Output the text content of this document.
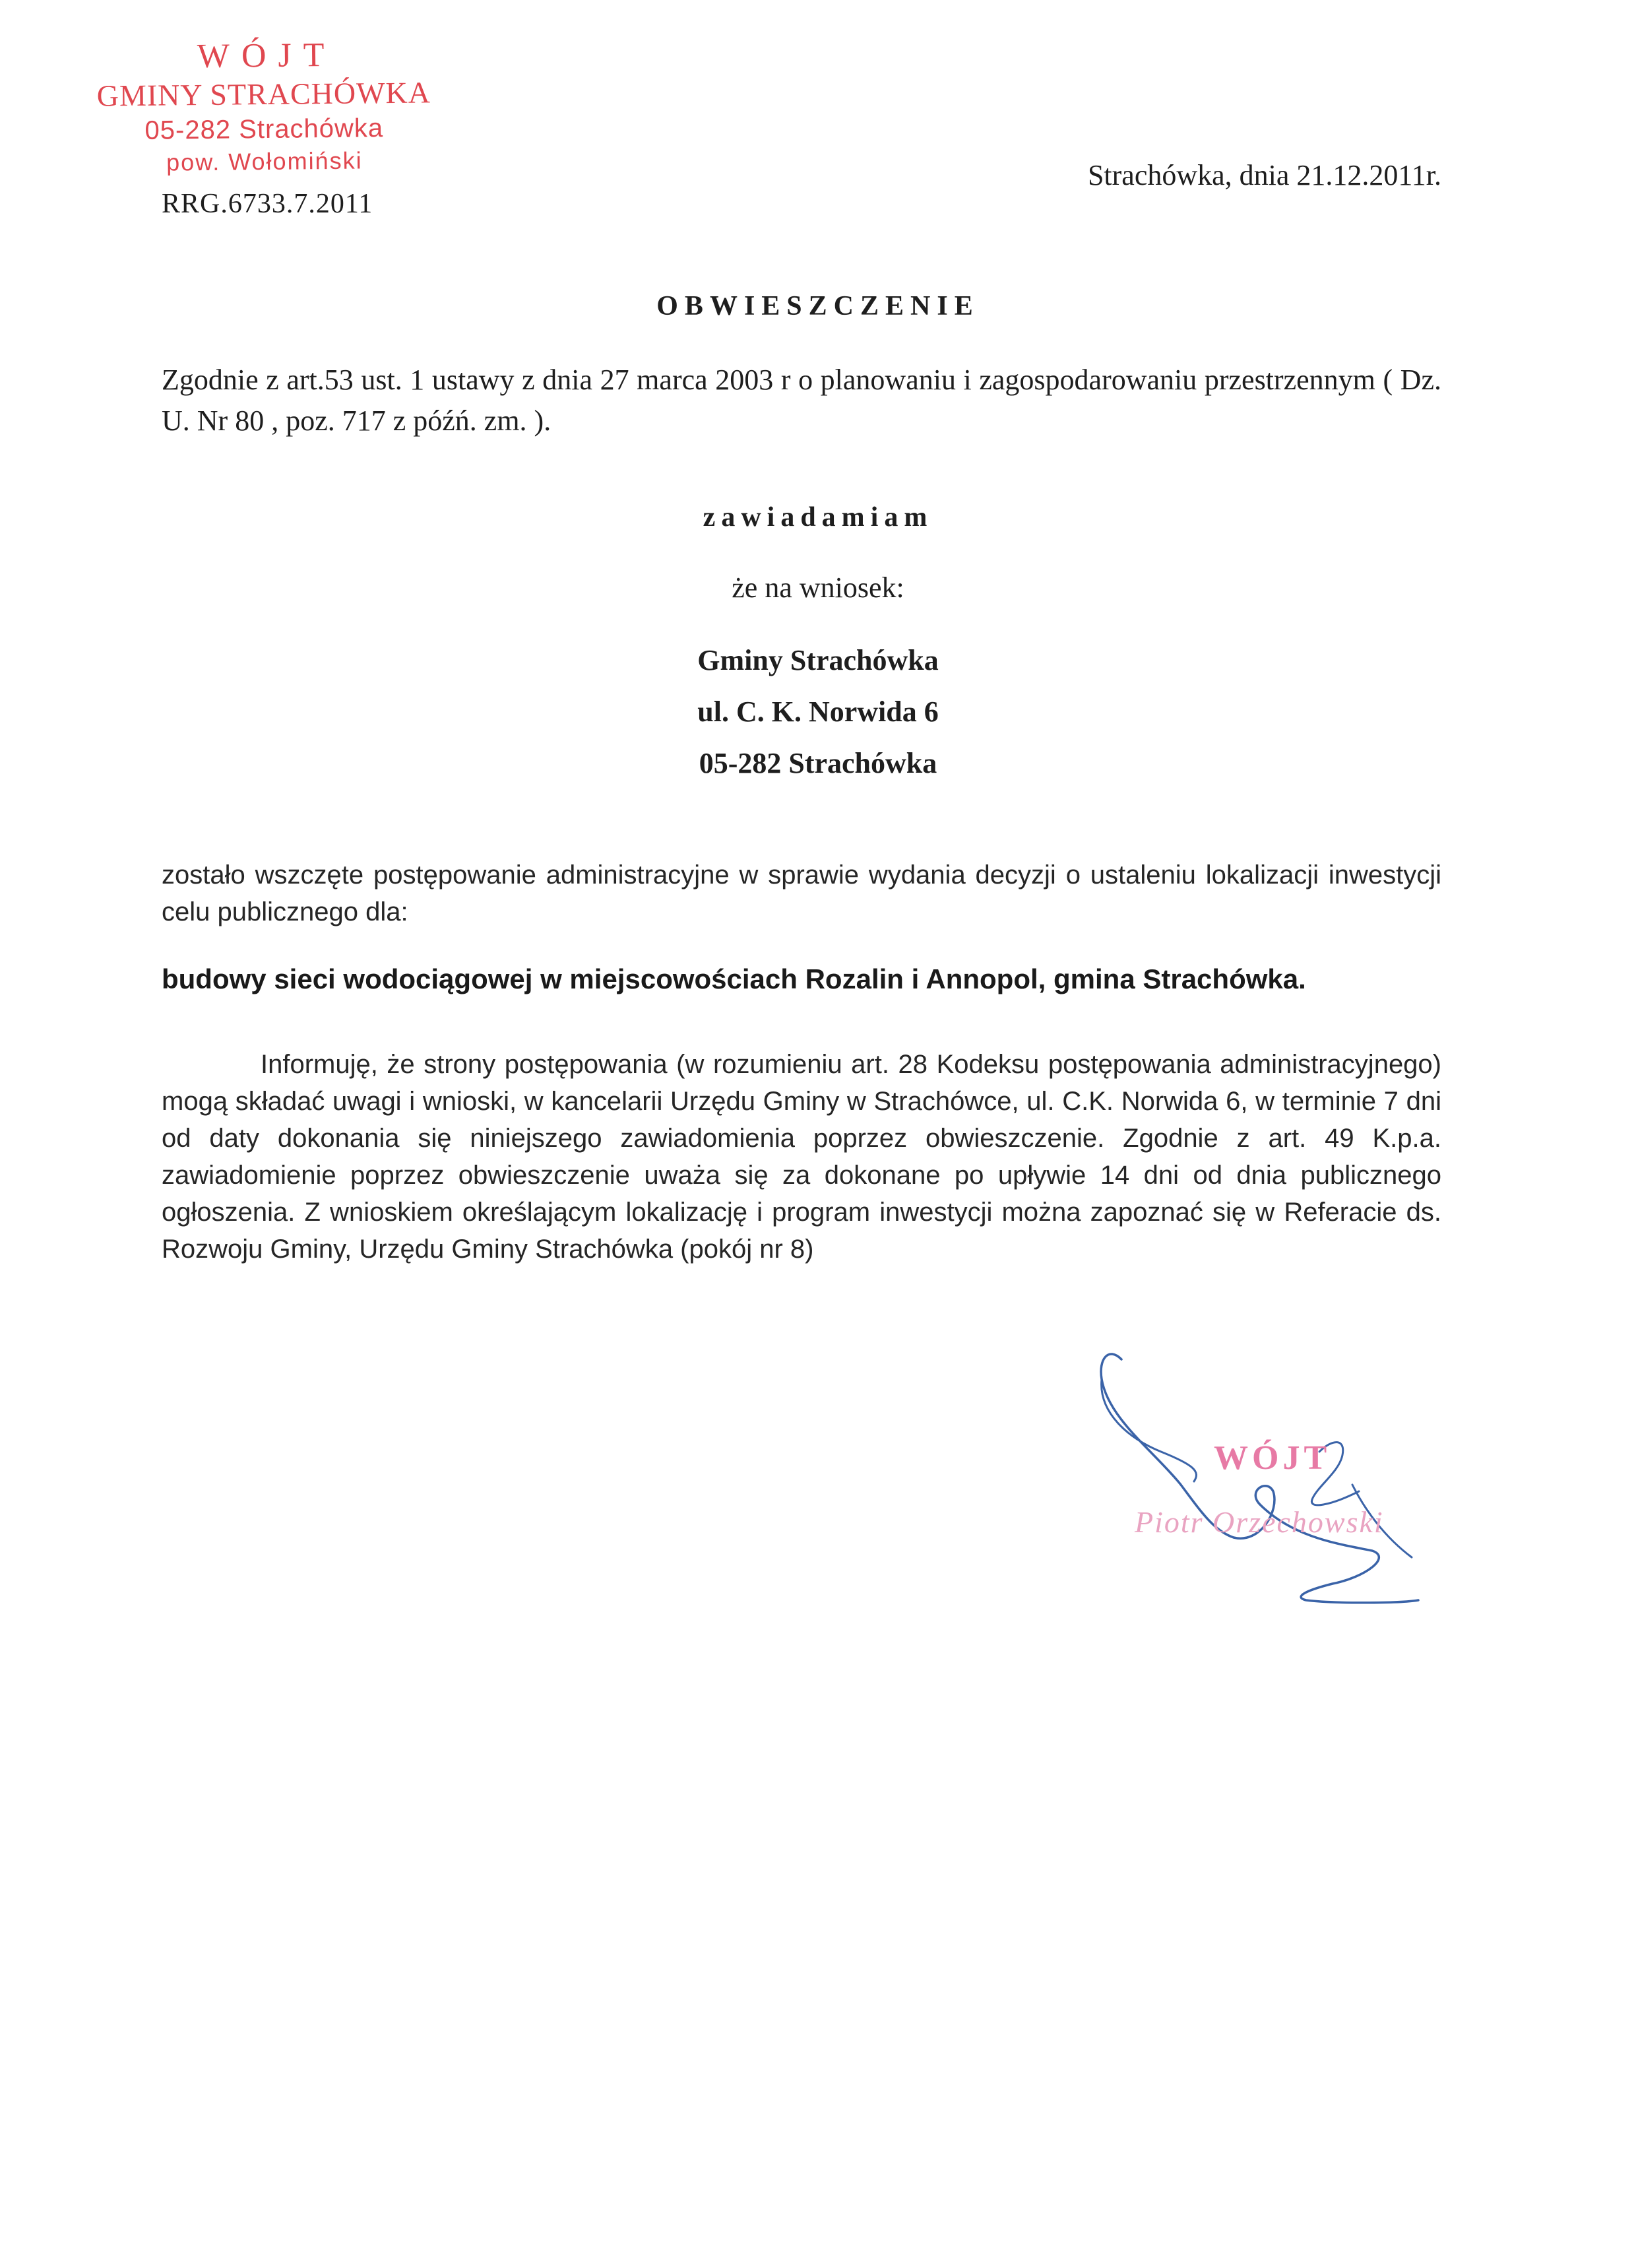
WÓJT
GMINY STRACHÓWKA
05-282 Strachówka
pow. Wołomiński	Strachówka, dnia 21.12.2011r.
RRG.6733.7.2011
OBWIESZCZENIE
Zgodnie z art.53 ust. 1 ustawy z dnia 27 marca 2003 r o planowaniu i zagospodarowaniu przestrzennym ( Dz. U. Nr 80 , poz. 717 z późń. zm. ).
zawiadamiam
że na wniosek:
Gminy Strachówka
ul. C. K. Norwida 6
05-282 Strachówka
zostało wszczęte postępowanie administracyjne w sprawie wydania decyzji o ustaleniu lokalizacji inwestycji celu publicznego dla:
budowy sieci wodociągowej w miejscowościach Rozalin i Annopol, gmina Strachówka.
Informuję, że strony postępowania (w rozumieniu art. 28 Kodeksu postępowania administracyjnego) mogą składać uwagi i wnioski, w kancelarii Urzędu Gminy w Strachówce, ul. C.K. Norwida 6, w terminie 7 dni od daty dokonania się niniejszego zawiadomienia poprzez obwieszczenie. Zgodnie z art. 49 K.p.a. zawiadomienie poprzez obwieszczenie uważa się za dokonane po upływie 14 dni od dnia publicznego ogłoszenia. Z wnioskiem określającym lokalizację i program inwestycji można zapoznać się w Referacie ds. Rozwoju Gminy, Urzędu Gminy Strachówka (pokój nr 8)
WÓJT
Piotr Orzechowski
